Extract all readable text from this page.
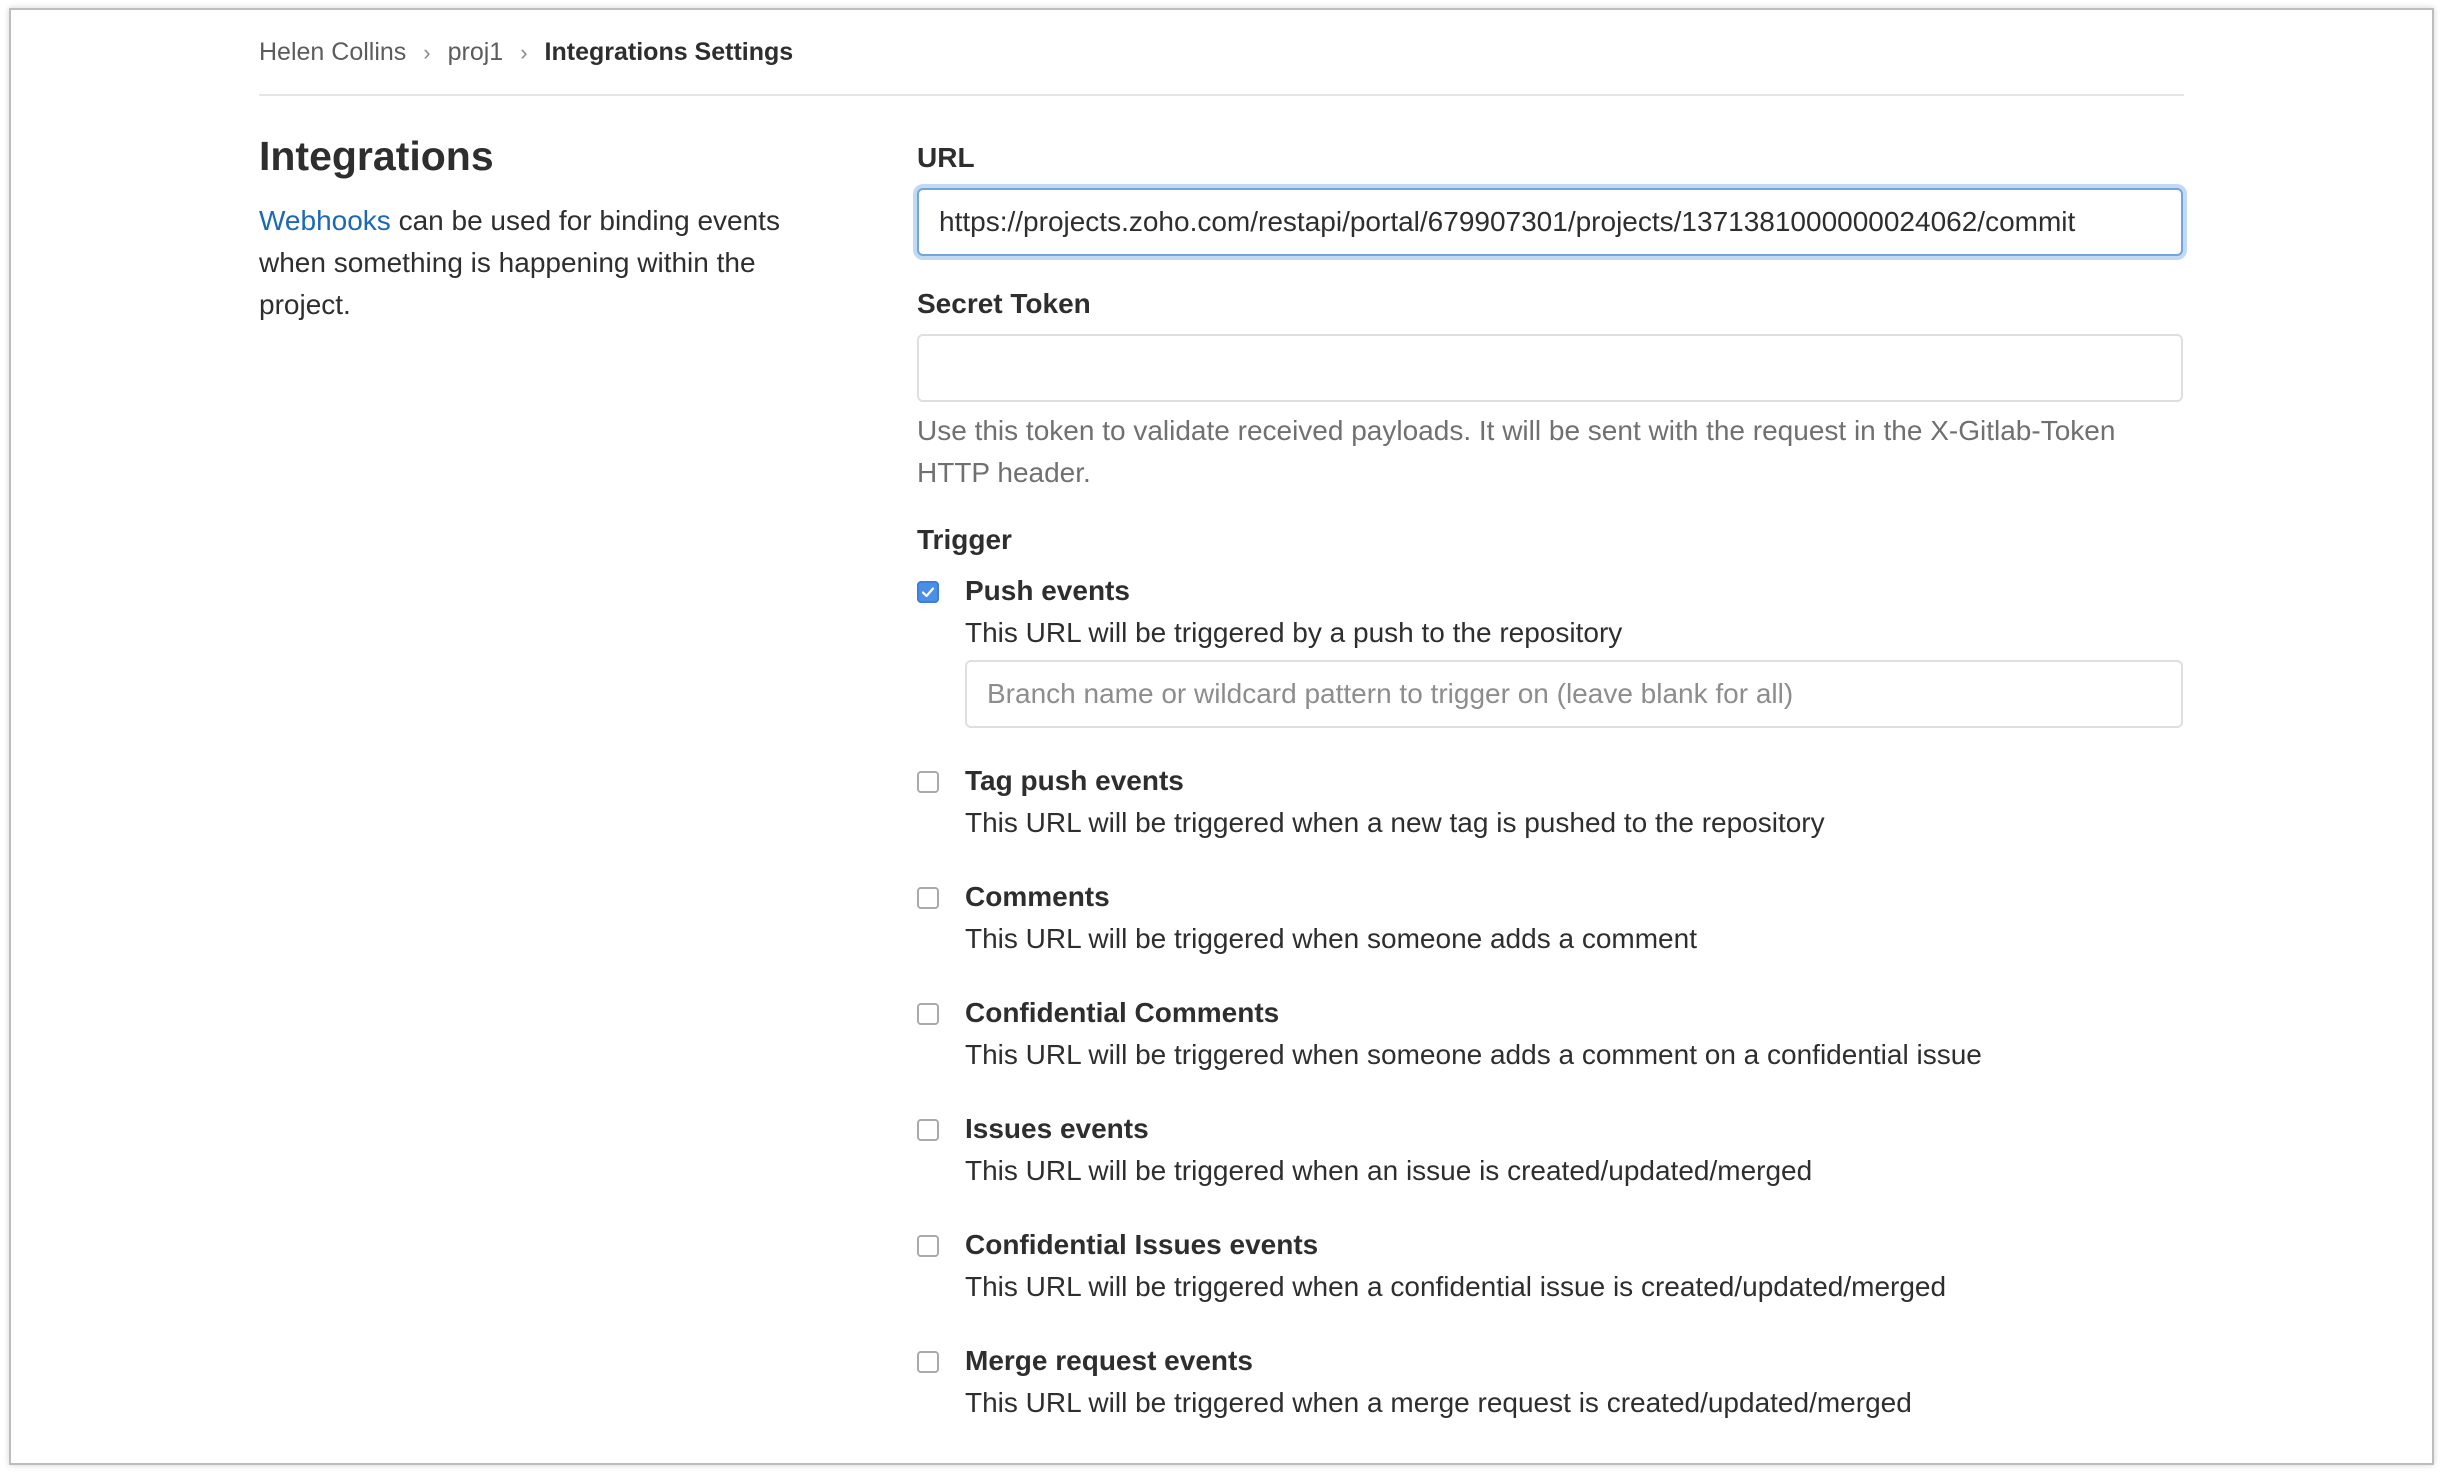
Helen Collins › proj1 › Integrations Settings
Integrations

Webhooks can be used for binding events when something is happening within the project.

URL
https://projects.zoho.com/restapi/portal/679907301/projects/1371381000000024062/commit
Secret Token
Use this token to validate received payloads. It will be sent with the request in the X-Gitlab-Token HTTP header.
Trigger
Push events
This URL will be triggered by a push to the repository
Branch name or wildcard pattern to trigger on (leave blank for all)
Tag push events
This URL will be triggered when a new tag is pushed to the repository
Comments
This URL will be triggered when someone adds a comment
Confidential Comments
This URL will be triggered when someone adds a comment on a confidential issue
Issues events
This URL will be triggered when an issue is created/updated/merged
Confidential Issues events
This URL will be triggered when a confidential issue is created/updated/merged
Merge request events
This URL will be triggered when a merge request is created/updated/merged
